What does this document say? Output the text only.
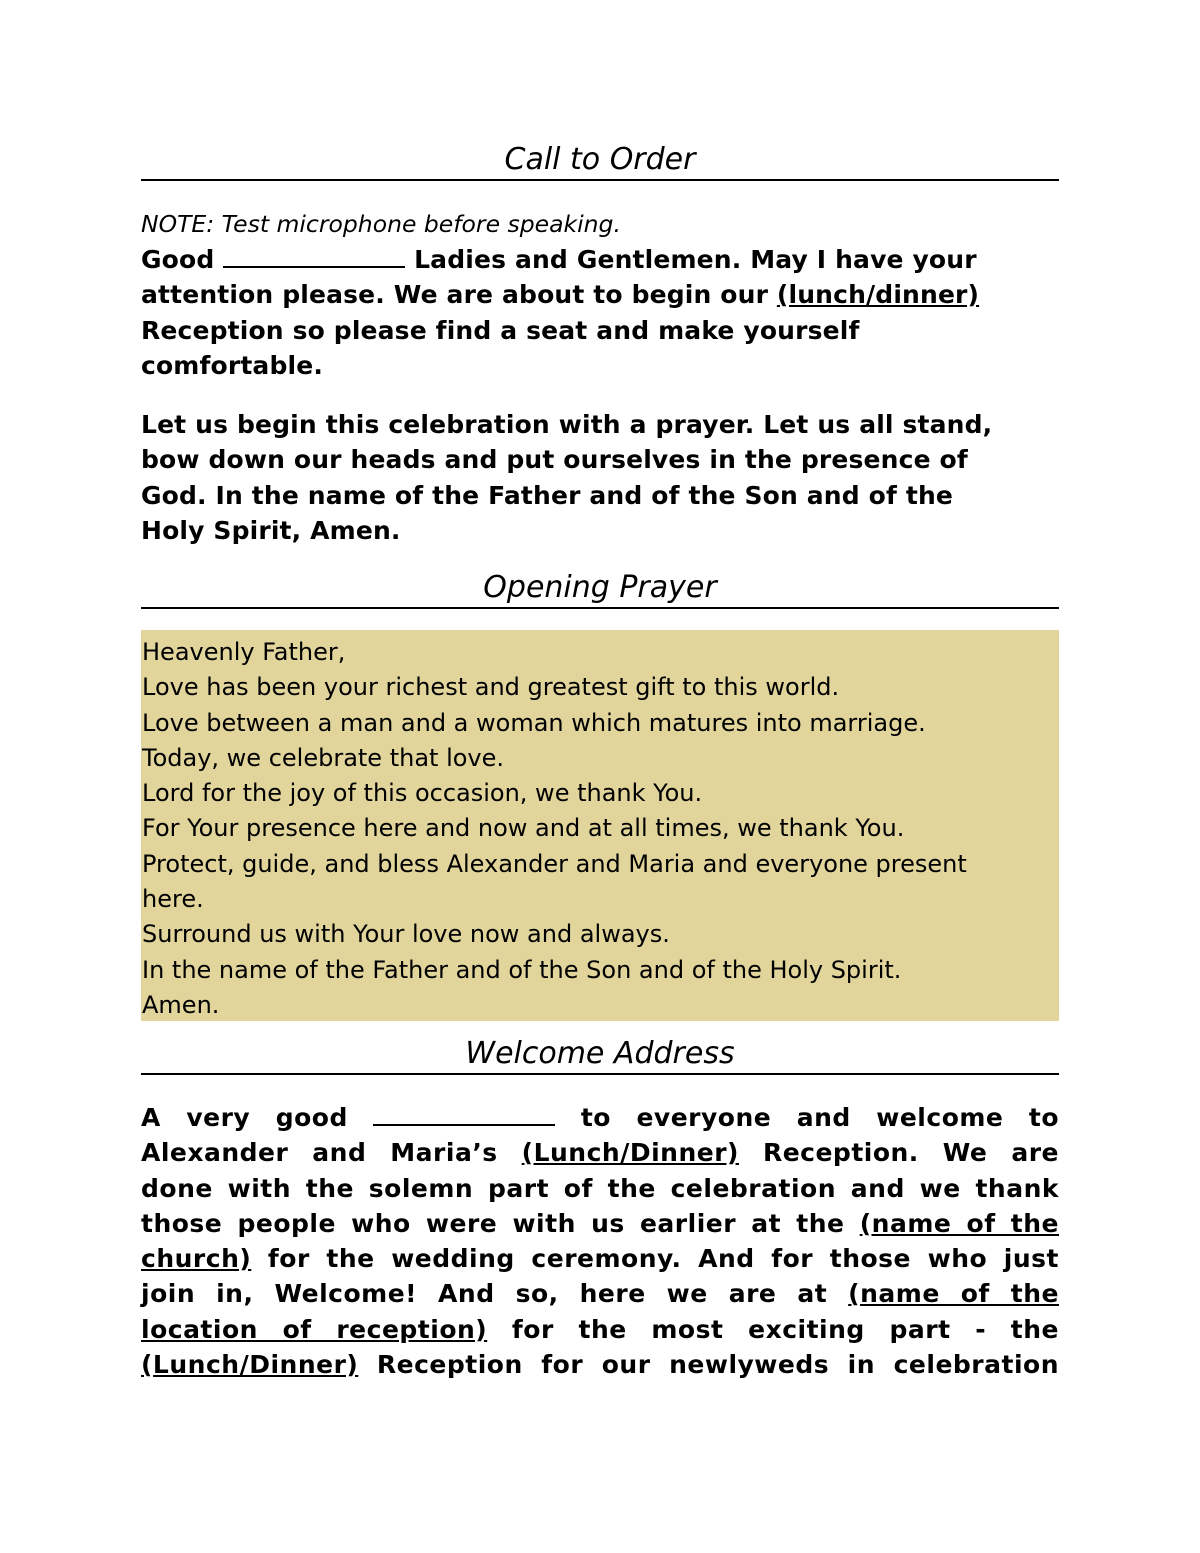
Call to Order
NOTE: Test microphone before speaking.
Good	Ladies and Gentlemen. May I have your
attention please. We are about to begin our (lunch/dinner)
Reception so please find a seat and make yourself
comfortable.
Let us begin this celebration with a prayer. Let us all stand,
bow down our heads and put ourselves in the presence of
God. In the name of the Father and of the Son and of the
Holy Spirit, Amen.
Opening Prayer
Heavenly Father,
Love has been your richest and greatest gift to this world.
Love between a man and a woman which matures into marriage.
Today, we celebrate that love.
Lord for the joy of this occasion, we thank You.
For Your presence here and now and at all times, we thank You.
Protect, guide, and bless Alexander and Maria and everyone present
here.
Surround us with Your love now and always.
In the name of the Father and of the Son and of the Holy Spirit.
Amen.
Welcome Address
A very good	to everyone and welcome to
Alexander and Maria’s (Lunch/Dinner) Reception. We are
done with the solemn part of the celebration and we thank
those people who were with us earlier at the (name of the
church) for the wedding ceremony. And for those who just
join in, Welcome! And so, here we are at (name of the
location of reception) for the most exciting part - the
(Lunch/Dinner) Reception for our newlyweds in celebration
